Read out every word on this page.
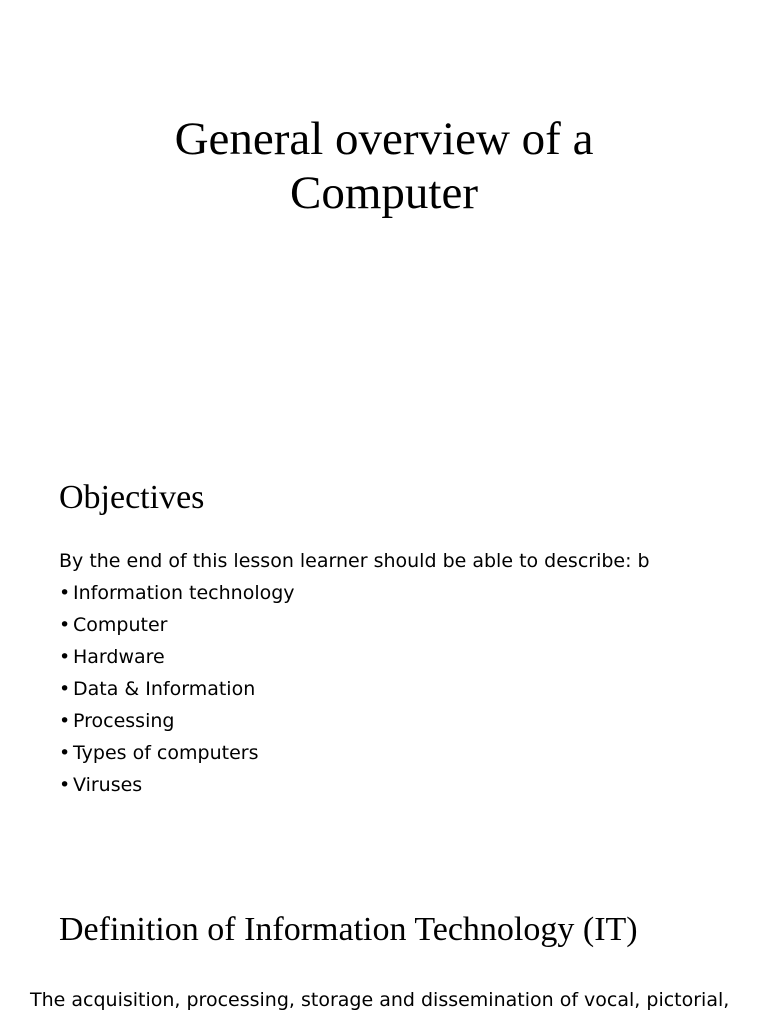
General overview of a
Computer
Objectives
By the end of this lesson learner should be able to describe: b
• Information technology
• Computer
• Hardware
• Data & Information
• Processing
• Types of computers
• Viruses
Definition of Information Technology (IT)
The acquisition, processing, storage and dissemination of vocal, pictorial,
